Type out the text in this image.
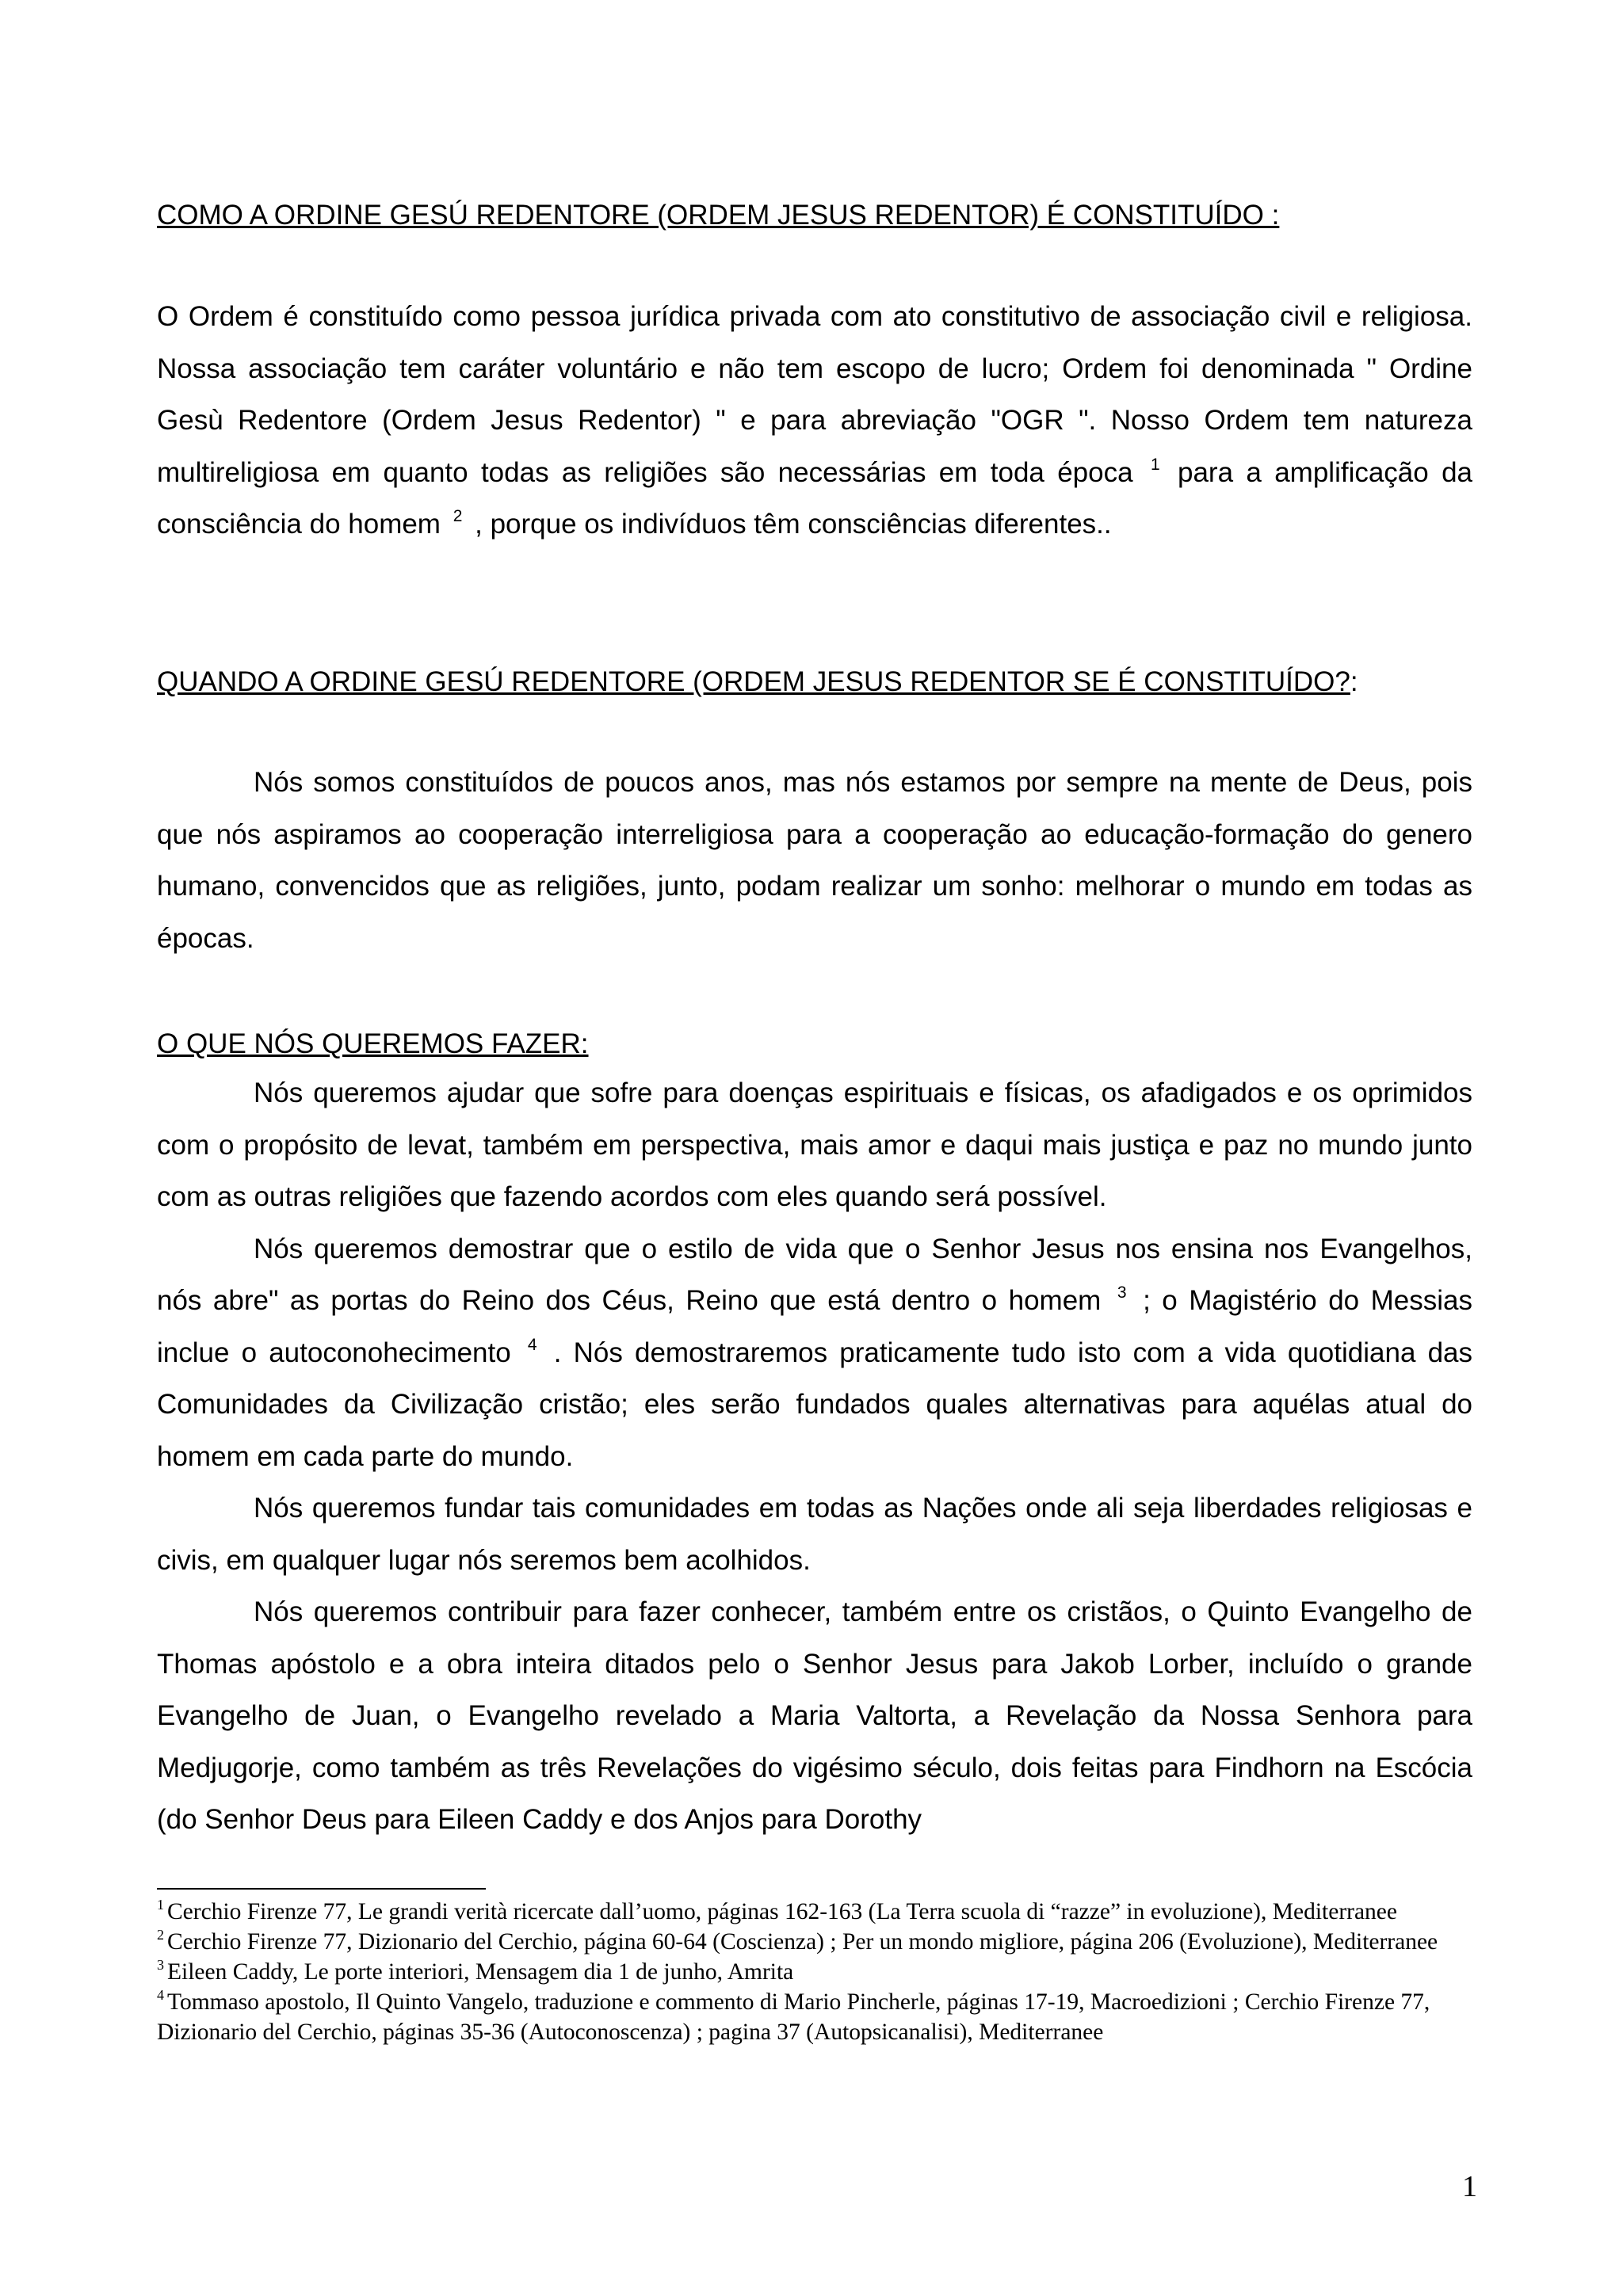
COMO A ORDINE GESÚ REDENTORE (ORDEM JESUS REDENTOR) É CONSTITUÍDO :

O Ordem é constituído como pessoa jurídica privada com ato constitutivo de associação civil e religiosa. Nossa associação tem caráter voluntário e não tem escopo de lucro; Ordem foi denominada " Ordine Gesù Redentore (Ordem Jesus Redentor) " e para abreviação "OGR ". Nosso Ordem tem natureza multireligiosa em quanto todas as religiões são necessárias em toda época $^1$ para a amplificação da consciência do homem $^2$ , porque os indivíduos têm consciências diferentes..

QUANDO A ORDINE GESÚ REDENTORE (ORDEM JESUS REDENTOR SE É CONSTITUÍDO?:

Nós somos constituídos de poucos anos, mas nós estamos por sempre na mente de Deus, pois que nós aspiramos ao cooperação interreligiosa para a cooperação ao educação-formação do genero humano, convencidos que as religiões, junto, podam realizar um sonho: melhorar o mundo em todas as épocas.

O QUE NÓS QUEREMOS FAZER:

Nós queremos ajudar que sofre para doenças espirituais e físicas, os afadigados e os oprimidos com o propósito de levat, também em perspectiva, mais amor e daqui mais justiça e paz no mundo junto com as outras religiões que fazendo acordos com eles quando será possível.

Nós queremos demostrar que o estilo de vida que o Senhor Jesus nos ensina nos Evangelhos, nós abre" as portas do Reino dos Céus, Reino que está dentro o homem $^3$ ; o Magistério do Messias inclue o autoconohecimento $^4$ . Nós demostraremos praticamente tudo isto com a vida quotidiana das Comunidades da Civilização cristão; eles serão fundados quales alternativas para aquélas atual do homem em cada parte do mundo.

Nós queremos fundar tais comunidades em todas as Nações onde ali seja liberdades religiosas e civis, em qualquer lugar nós seremos bem acolhidos.

Nós queremos contribuir para fazer conhecer, também entre os cristãos, o Quinto Evangelho de Thomas apóstolo e a obra inteira ditados pelo o Senhor Jesus para Jakob Lorber, incluído o grande Evangelho de Juan, o Evangelho revelado a Maria Valtorta, a Revelação da Nossa Senhora para Medjugorje, como também as três Revelações do vigésimo século, dois feitas para Findhorn na Escócia (do Senhor Deus para Eileen Caddy e dos Anjos para Dorothy

$^1$ Cerchio Firenze 77, Le grandi verità ricercate dall’uomo, páginas 162-163 (La Terra scuola di “razze” in evoluzione), Mediterranee

$^2$ Cerchio Firenze 77, Dizionario del Cerchio, página 60-64 (Coscienza) ; Per un mondo migliore, página 206 (Evoluzione), Mediterranee

$^3$ Eileen Caddy, Le porte interiori, Mensagem dia 1 de junho, Amrita

$^4$ Tommaso apostolo, Il Quinto Vangelo, traduzione e commento di Mario Pincherle, páginas 17-19, Macroedizioni ; Cerchio Firenze 77, Dizionario del Cerchio, páginas 35-36 (Autoconoscenza) ; pagina 37 (Autopsicanalisi), Mediterranee

1
